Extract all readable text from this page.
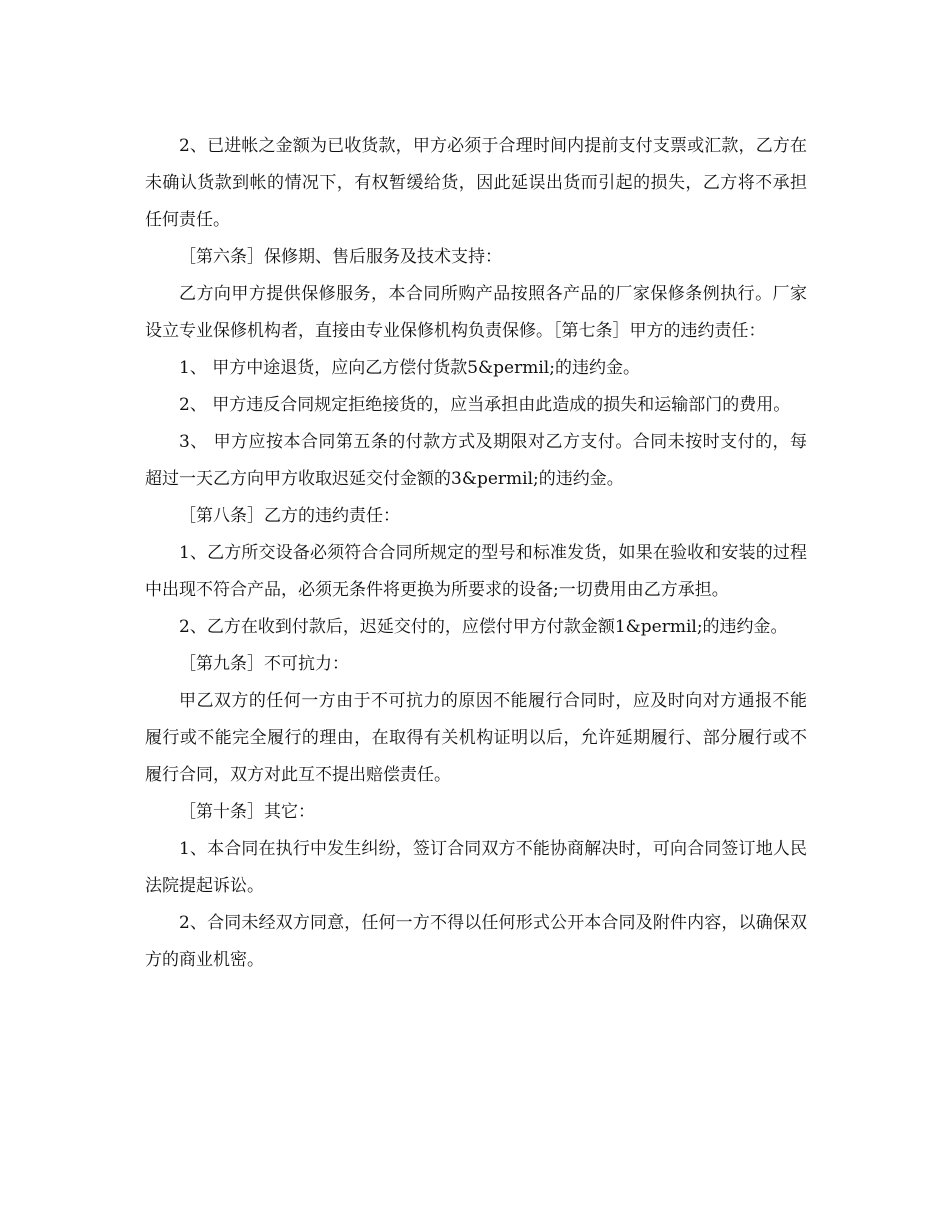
2、已进帐之金额为已收货款，甲方必须于合理时间内提前支付支票或汇款，乙方在未确认货款到帐的情况下，有权暂缓给货，因此延误出货而引起的损失，乙方将不承担任何责任。

［第六条］保修期、售后服务及技术支持：

乙方向甲方提供保修服务，本合同所购产品按照各产品的厂家保修条例执行。厂家设立专业保修机构者，直接由专业保修机构负责保修。［第七条］甲方的违约责任：

1、 甲方中途退货，应向乙方偿付货款5&permil;的违约金。

2、 甲方违反合同规定拒绝接货的，应当承担由此造成的损失和运输部门的费用。

3、 甲方应按本合同第五条的付款方式及期限对乙方支付。合同未按时支付的，每超过一天乙方向甲方收取迟延交付金额的3&permil;的违约金。

［第八条］乙方的违约责任：

1、乙方所交设备必须符合合同所规定的型号和标准发货，如果在验收和安装的过程中出现不符合产品，必须无条件将更换为所要求的设备;一切费用由乙方承担。

2、乙方在收到付款后，迟延交付的，应偿付甲方付款金额1&permil;的违约金。

［第九条］不可抗力：

甲乙双方的任何一方由于不可抗力的原因不能履行合同时，应及时向对方通报不能履行或不能完全履行的理由，在取得有关机构证明以后，允许延期履行、部分履行或不履行合同，双方对此互不提出赔偿责任。

［第十条］其它：

1、本合同在执行中发生纠纷，签订合同双方不能协商解决时，可向合同签订地人民法院提起诉讼。

2、合同未经双方同意，任何一方不得以任何形式公开本合同及附件内容，以确保双方的商业机密。
